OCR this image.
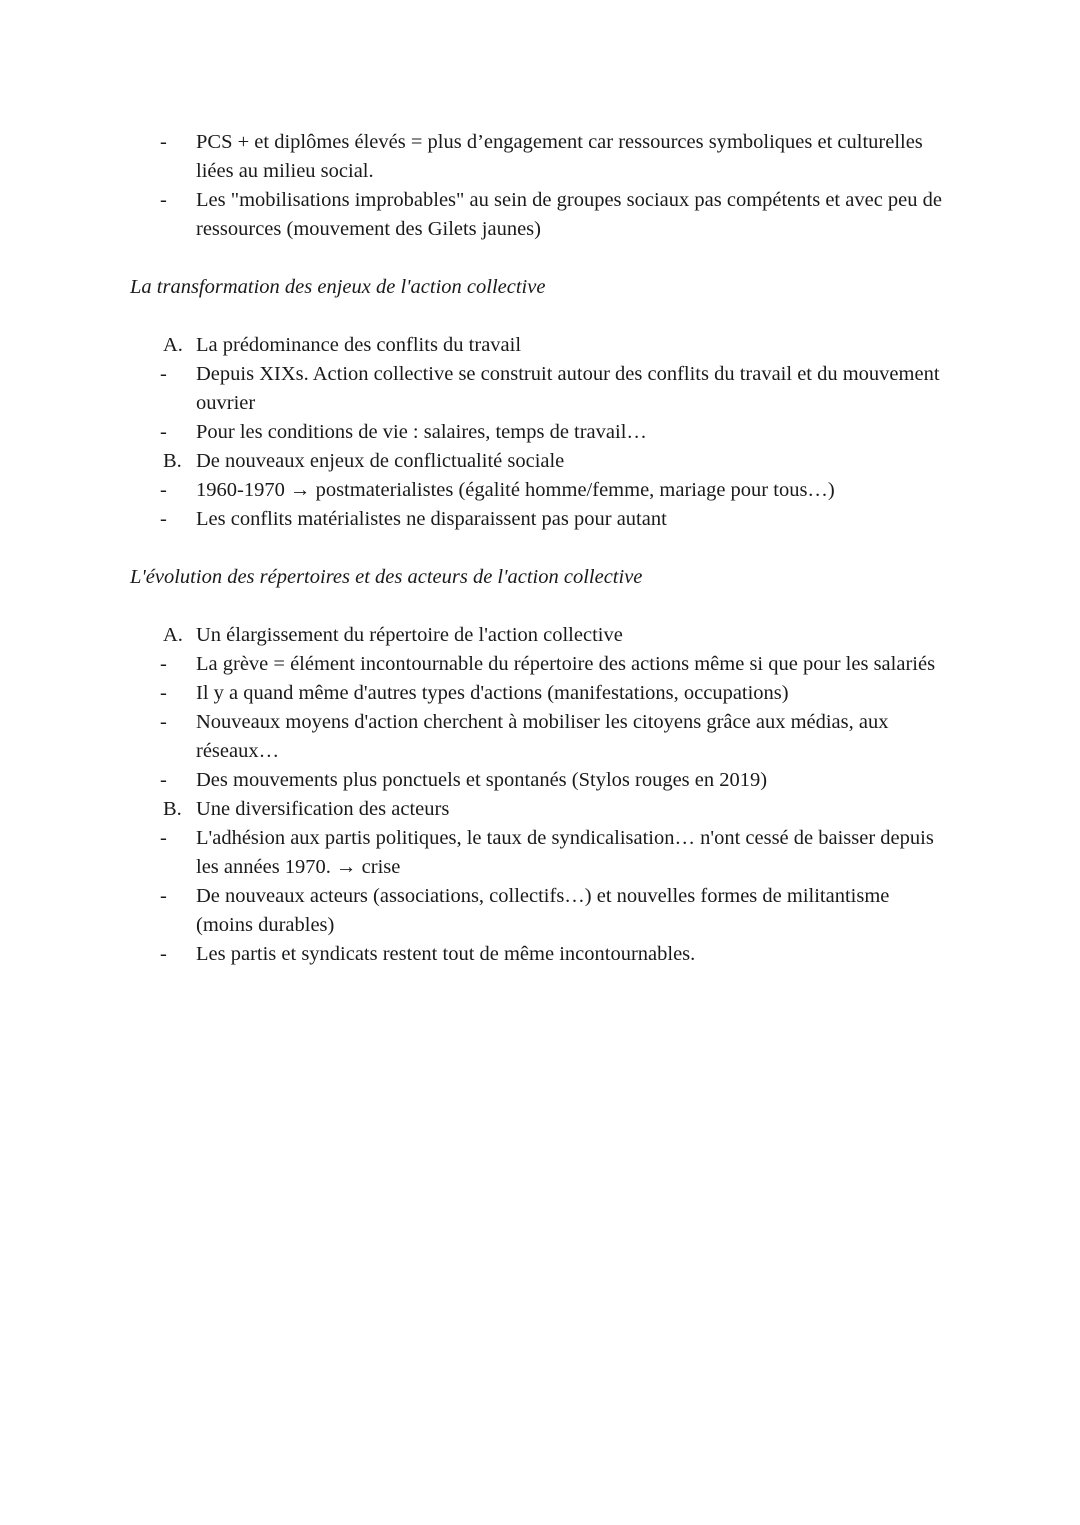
- PCS + et diplômes élevés = plus d’engagement car ressources symboliques et culturelles liées au milieu social.
- Les "mobilisations improbables" au sein de groupes sociaux pas compétents et avec peu de ressources (mouvement des Gilets jaunes)
La transformation des enjeux de l'action collective
A. La prédominance des conflits du travail
- Depuis XIXs. Action collective se construit autour des conflits du travail et du mouvement ouvrier
- Pour les conditions de vie : salaires, temps de travail…
B. De nouveaux enjeux de conflictualité sociale
- 1960-1970 → postmaterialistes (égalité homme/femme, mariage pour tous…)
- Les conflits matérialistes ne disparaissent pas pour autant
L'évolution des répertoires et des acteurs de l'action collective
A. Un élargissement du répertoire de l'action collective
- La grève = élément incontournable du répertoire des actions même si que pour les salariés
- Il y a quand même d'autres types d'actions (manifestations, occupations)
- Nouveaux moyens d'action cherchent à mobiliser les citoyens grâce aux médias, aux réseaux…
- Des mouvements plus ponctuels et spontanés (Stylos rouges en 2019)
B. Une diversification des acteurs
- L'adhésion aux partis politiques, le taux de syndicalisation… n'ont cessé de baisser depuis les années 1970. → crise
- De nouveaux acteurs (associations, collectifs…) et nouvelles formes de militantisme (moins durables)
- Les partis et syndicats restent tout de même incontournables.
